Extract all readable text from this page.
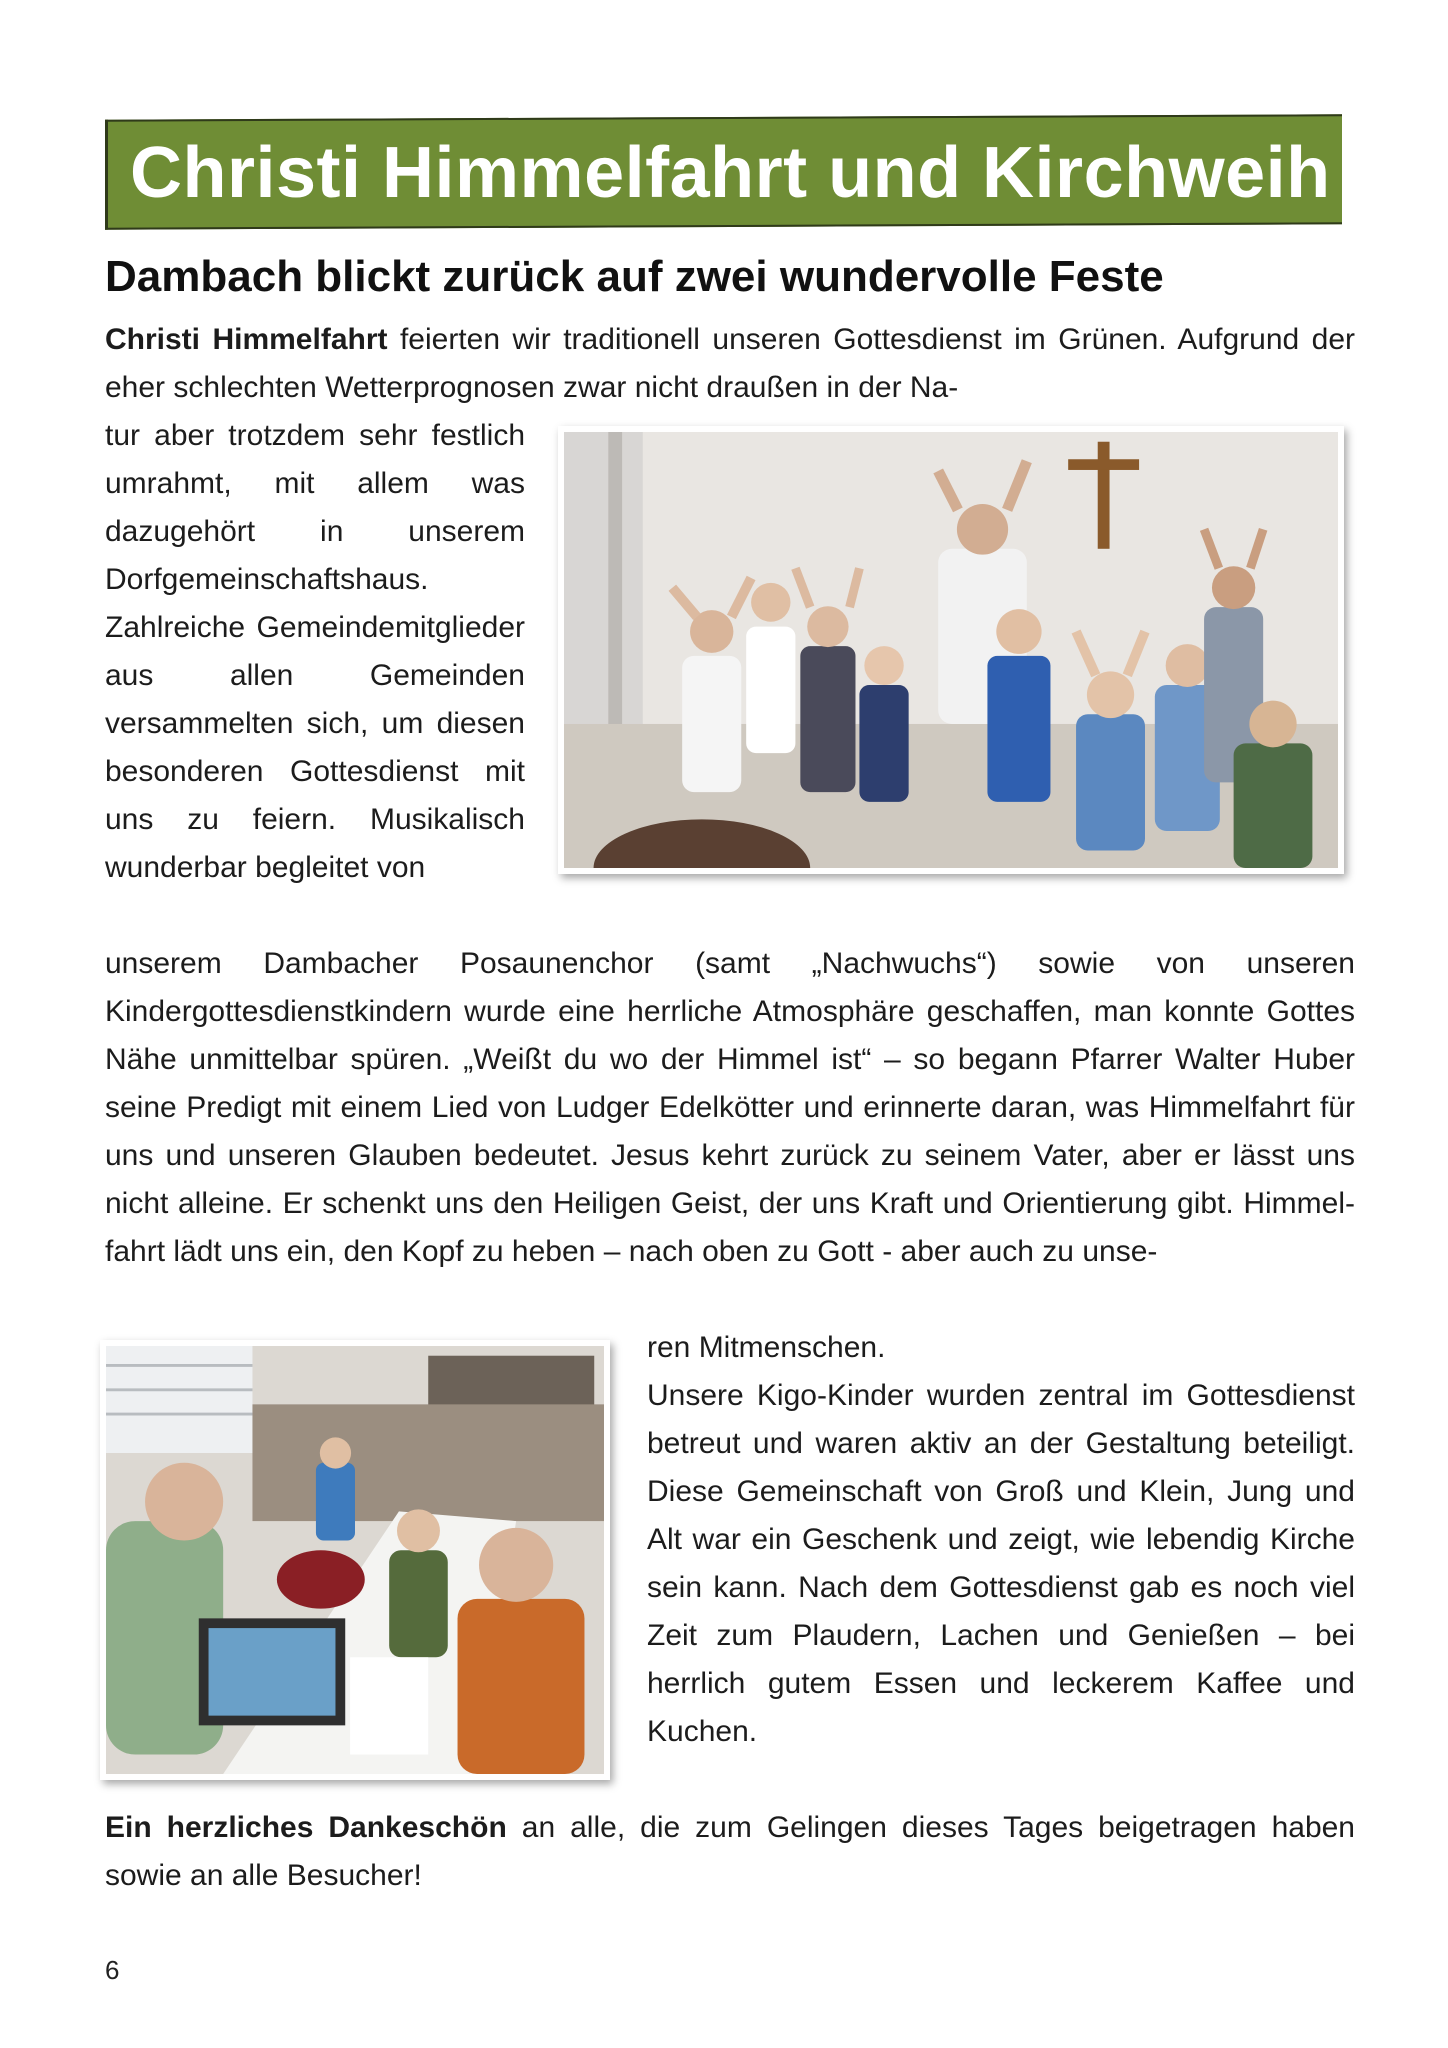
Christi Himmelfahrt und Kirchweih
Dambach blickt zurück auf zwei wundervolle Feste

Christi Himmelfahrt feierten wir traditionell unseren Gottesdienst im Grünen. Aufgrund der eher schlechten Wetterprognosen zwar nicht draußen in der Na-

tur aber trotzdem sehr festlich umrahmt, mit allem was dazugehört in unserem Dorfgemeinschaftshaus. Zahlreiche Gemeindemitglieder aus allen Gemeinden versammelten sich, um diesen besonderen Gottesdienst mit uns zu feiern. Musikalisch wunderbar begleitet von

unserem Dambacher Posaunenchor (samt „Nachwuchs“) sowie von unseren Kindergottesdienstkindern wurde eine herrliche Atmosphäre geschaffen, man konnte Gottes Nähe unmittelbar spüren. „Weißt du wo der Himmel ist“ – so begann Pfarrer Walter Huber seine Predigt mit einem Lied von Ludger Edelkötter und erinnerte daran, was Himmelfahrt für uns und unseren Glauben bedeutet. Jesus kehrt zurück zu seinem Vater, aber er lässt uns nicht alleine. Er schenkt uns den Heiligen Geist, der uns Kraft und Orientierung gibt. Himmelfahrt lädt uns ein, den Kopf zu heben – nach oben zu Gott - aber auch zu unse-

ren Mitmenschen.

Unsere Kigo-Kinder wurden zentral im Gottesdienst betreut und waren aktiv an der Gestaltung beteiligt. Diese Gemeinschaft von Groß und Klein, Jung und Alt war ein Geschenk und zeigt, wie lebendig Kirche sein kann. Nach dem Gottesdienst gab es noch viel Zeit zum Plaudern, Lachen und Genießen – bei herrlich gutem Essen und leckerem Kaffee und Kuchen.

Ein herzliches Dankeschön an alle, die zum Gelingen dieses Tages beigetragen haben sowie an alle Besucher!

6
